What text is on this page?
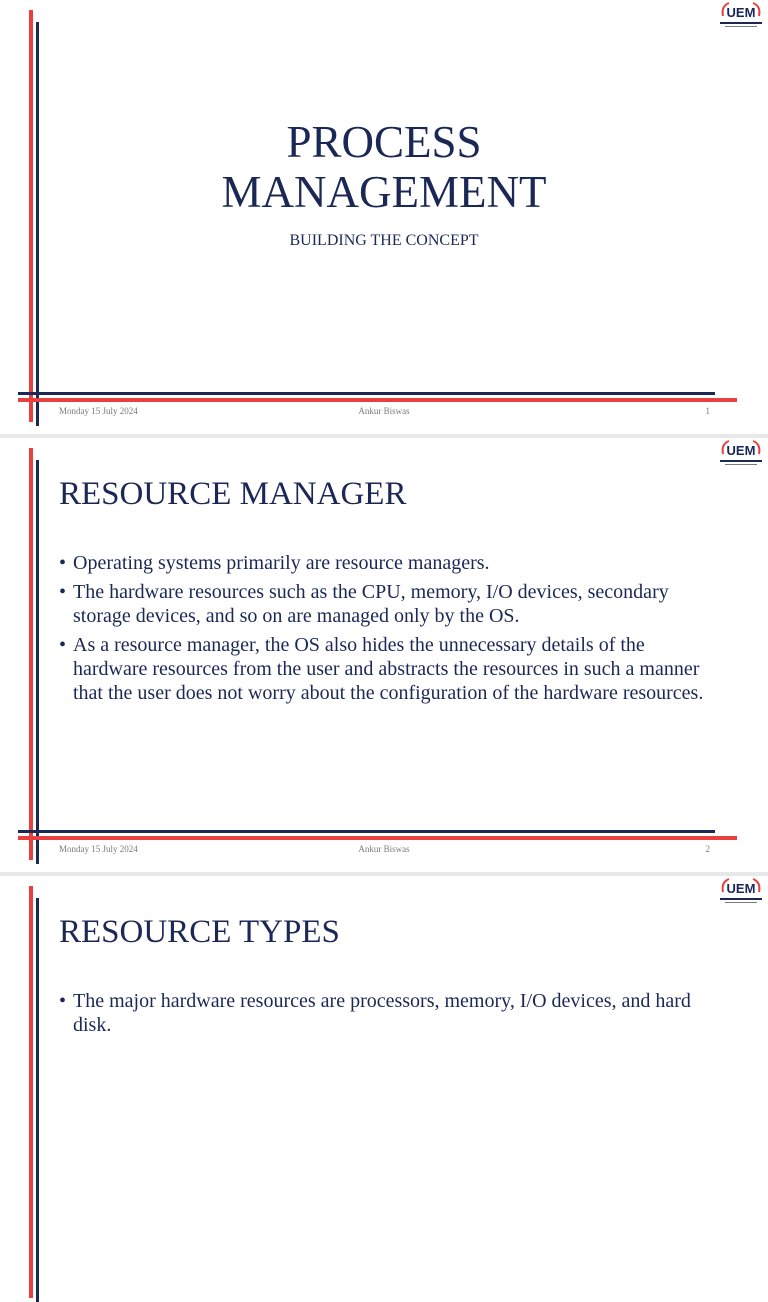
UEM
PROCESS
MANAGEMENT
BUILDING THE CONCEPT
Monday 15 July 2024	Ankur Biswas	1
UEM
RESOURCE MANAGER
• Operating systems primarily are resource managers.
• The hardware resources such as the CPU, memory, I/O devices, secondary storage devices, and so on are managed only by the OS.
• As a resource manager, the OS also hides the unnecessary details of the hardware resources from the user and abstracts the resources in such a manner that the user does not worry about the configuration of the hardware resources.
Monday 15 July 2024	Ankur Biswas	2
UEM
RESOURCE TYPES
• The major hardware resources are processors, memory, I/O devices, and hard disk.
